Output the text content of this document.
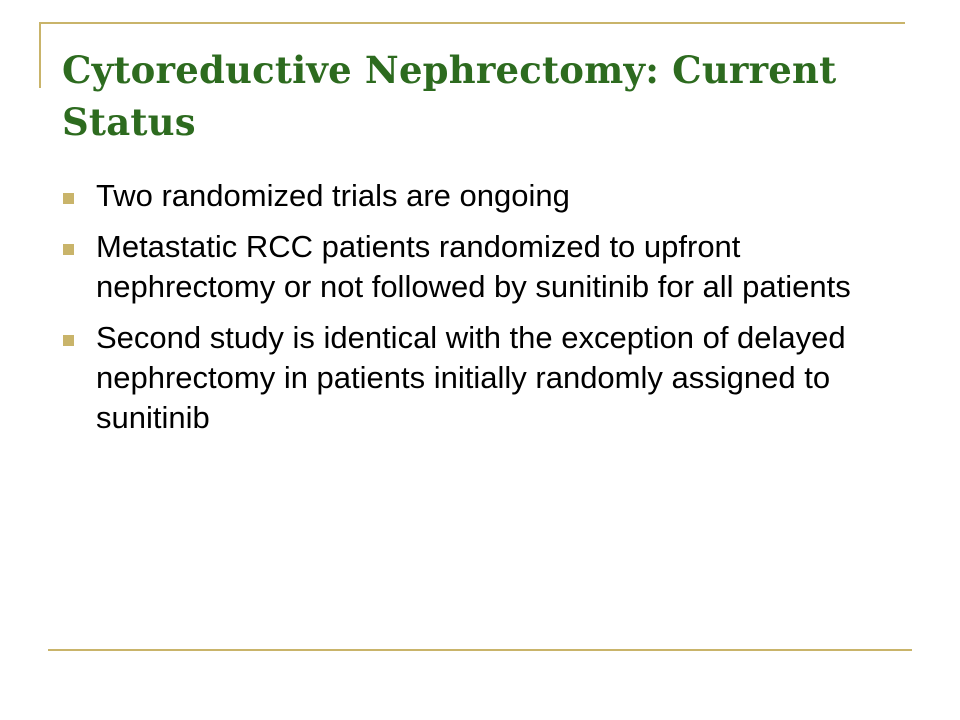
Cytoreductive Nephrectomy: Current Status
Two randomized trials are ongoing
Metastatic RCC patients randomized to upfront nephrectomy or not followed by sunitinib for all patients
Second study is identical with the exception of delayed nephrectomy in patients initially randomly assigned to sunitinib
